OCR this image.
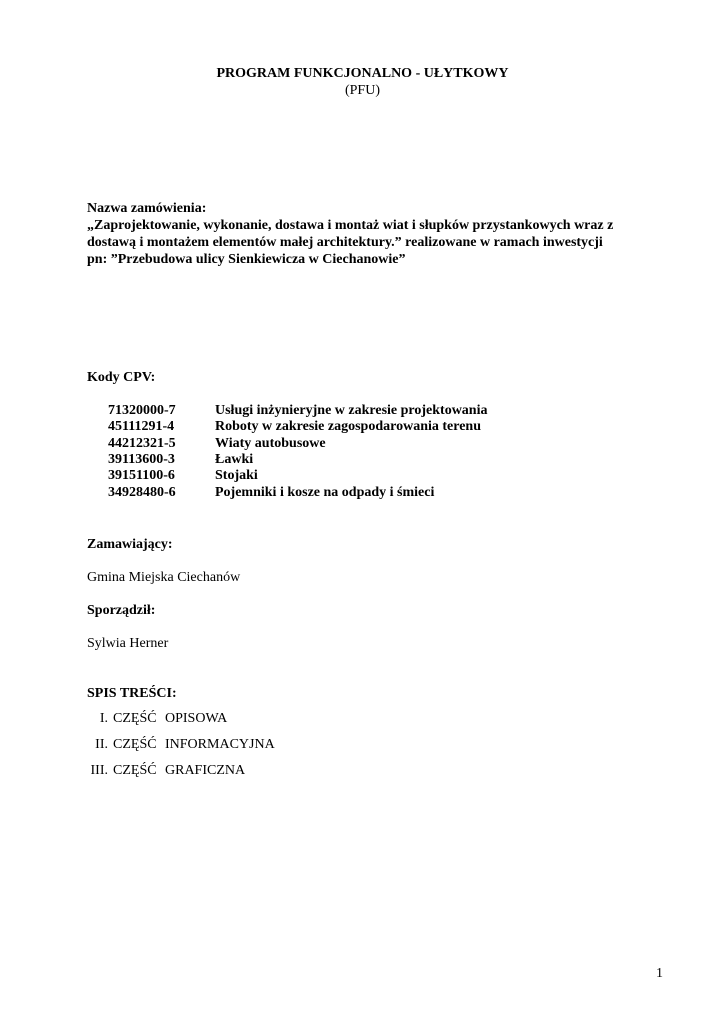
PROGRAM FUNKCJONALNO - UŁYTKOWY
(PFU)
Nazwa zamówienia:
„Zaprojektowanie, wykonanie, dostawa i montaż wiat i słupków przystankowych wraz z
dostawą i montażem elementów małej architektury.” realizowane w ramach inwestycji
pn: ”Przebudowa ulicy Sienkiewicza w Ciechanowie”
Kody CPV:
71320000-7	Usługi inżynieryjne w zakresie projektowania
45111291-4	Roboty w zakresie zagospodarowania terenu
44212321-5	Wiaty autobusowe
39113600-3	Ławki
39151100-6	Stojaki
34928480-6	Pojemniki i kosze na odpady i śmieci
Zamawiający:
Gmina Miejska Ciechanów
Sporządził:
Sylwia Herner
SPIS TREŚCI:
I. CZĘŚĆ OPISOWA
II. CZĘŚĆ INFORMACYJNA
III. CZĘŚĆ GRAFICZNA
1
